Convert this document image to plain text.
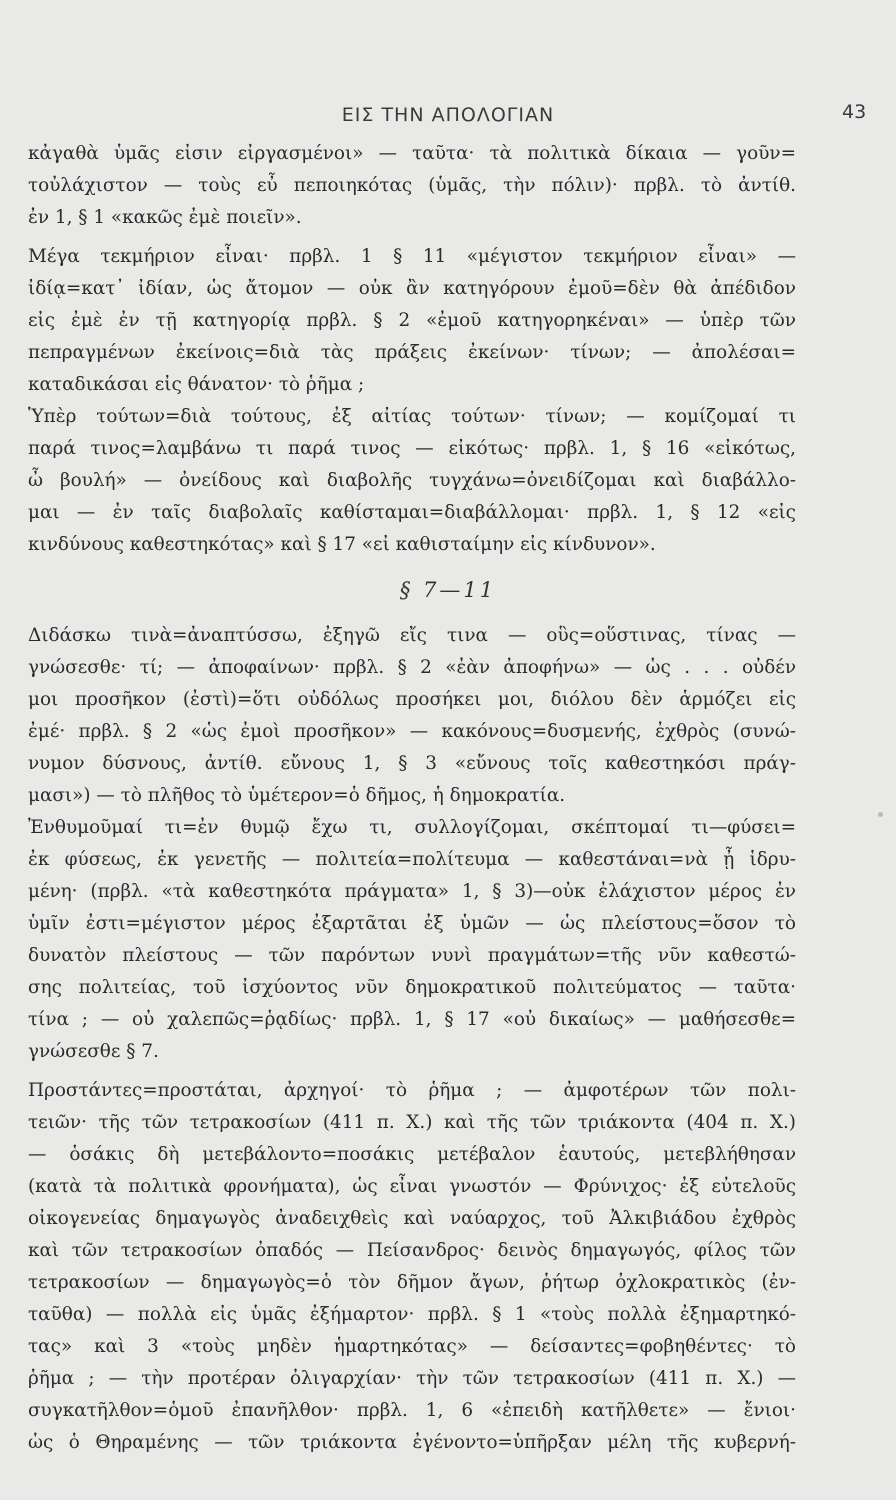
ΕΙΣ ΤΗΝ ΑΠΟΛΟΓΙΑΝ	43
κἀγαθὰ ὑμᾶς εἰσιν εἰργασμένοι» — ταῦτα· τὰ πολιτικὰ δίκαια — γοῦν=
τοὐλάχιστον — τοὺς εὖ πεποιηκότας (ὑμᾶς, τὴν πόλιν)· πρβλ. τὸ ἀντίθ.
ἐν 1, § 1 «κακῶς ἐμὲ ποιεῖν».
Μέγα τεκμήριον εἶναι· πρβλ. 1 § 11 «μέγιστον τεκμήριον εἶναι» —
ἰδίᾳ=κατ᾽ ἰδίαν, ὡς ἄτομον — οὐκ ἂν κατηγόρουν ἐμοῦ=δὲν θὰ ἀπέδιδον
εἰς ἐμὲ ἐν τῇ κατηγορίᾳ πρβλ. § 2 «ἐμοῦ κατηγορηκέναι» — ὑπὲρ τῶν
πεπραγμένων ἐκείνοις=διὰ τὰς πράξεις ἐκείνων· τίνων; — ἀπολέσαι=
καταδικάσαι εἰς θάνατον· τὸ ῥῆμα ;
Ὑπὲρ τούτων=διὰ τούτους, ἐξ αἰτίας τούτων· τίνων; — κομίζομαί τι
παρά τινος=λαμβάνω τι παρά τινος — εἰκότως· πρβλ. 1, § 16 «εἰκότως,
ὦ βουλή» — ὀνείδους καὶ διαβολῆς τυγχάνω=ὀνειδίζομαι καὶ διαβάλλο-
μαι — ἐν ταῖς διαβολαῖς καθίσταμαι=διαβάλλομαι· πρβλ. 1, § 12 «εἰς
κινδύνους καθεστηκότας» καὶ § 17 «εἰ καθισταίμην εἰς κίνδυνον».
§ 7—11
Διδάσκω τινὰ=ἀναπτύσσω, ἐξηγῶ εἴς τινα — οὓς=οὕστινας, τίνας —
γνώσεσθε· τί; — ἀποφαίνων· πρβλ. § 2 «ἐὰν ἀποφήνω» — ὡς . . . οὐδέν
μοι προσῆκον (ἐστὶ)=ὅτι οὐδόλως προσήκει μοι, διόλου δὲν ἁρμόζει εἰς
ἐμέ· πρβλ. § 2 «ὡς ἐμοὶ προσῆκον» — κακόνους=δυσμενής, ἐχθρὸς (συνώ-
νυμον δύσνους, ἀντίθ. εὔνους 1, § 3 «εὔνους τοῖς καθεστηκόσι πράγ-
μασι») — τὸ πλῆθος τὸ ὑμέτερον=ὁ δῆμος, ἡ δημοκρατία.
Ἐνθυμοῦμαί τι=ἐν θυμῷ ἔχω τι, συλλογίζομαι, σκέπτομαί τι—φύσει=
ἐκ φύσεως, ἐκ γενετῆς — πολιτεία=πολίτευμα — καθεστάναι=νὰ ᾖ ἱδρυ-
μένη· (πρβλ. «τὰ καθεστηκότα πράγματα» 1, § 3)—οὐκ ἐλάχιστον μέρος ἐν
ὑμῖν ἐστι=μέγιστον μέρος ἐξαρτᾶται ἐξ ὑμῶν — ὡς πλείστους=ὅσον τὸ
δυνατὸν πλείστους — τῶν παρόντων νυνὶ πραγμάτων=τῆς νῦν καθεστώ-
σης πολιτείας, τοῦ ἰσχύοντος νῦν δημοκρατικοῦ πολιτεύματος — ταῦτα·
τίνα ; — οὐ χαλεπῶς=ῥᾳδίως· πρβλ. 1, § 17 «οὐ δικαίως» — μαθήσεσθε=
γνώσεσθε § 7.
Προστάντες=προστάται, ἀρχηγοί· τὸ ῥῆμα ; — ἀμφοτέρων τῶν πολι-
τειῶν· τῆς τῶν τετρακοσίων (411 π. Χ.) καὶ τῆς τῶν τριάκοντα (404 π. Χ.)
— ὁσάκις δὴ μετεβάλοντο=ποσάκις μετέβαλον ἑαυτούς, μετεβλήθησαν
(κατὰ τὰ πολιτικὰ φρονήματα), ὡς εἶναι γνωστόν — Φρύνιχος· ἐξ εὐτελοῦς
οἰκογενείας δημαγωγὸς ἀναδειχθεὶς καὶ ναύαρχος, τοῦ Ἀλκιβιάδου ἐχθρὸς
καὶ τῶν τετρακοσίων ὀπαδός — Πείσανδρος· δεινὸς δημαγωγός, φίλος τῶν
τετρακοσίων — δημαγωγὸς=ὁ τὸν δῆμον ἄγων, ῥήτωρ ὀχλοκρατικὸς (ἐν-
ταῦθα) — πολλὰ εἰς ὑμᾶς ἐξήμαρτον· πρβλ. § 1 «τοὺς πολλὰ ἐξημαρτηκό-
τας» καὶ 3 «τοὺς μηδὲν ἡμαρτηκότας» — δείσαντες=φοβηθέντες· τὸ
ῥῆμα ; — τὴν προτέραν ὀλιγαρχίαν· τὴν τῶν τετρακοσίων (411 π. Χ.) —
συγκατῆλθον=ὁμοῦ ἐπανῆλθον· πρβλ. 1, 6 «ἐπειδὴ κατῆλθετε» — ἔνιοι·
ὡς ὁ Θηραμένης — τῶν τριάκοντα ἐγένοντο=ὑπῆρξαν μέλη τῆς κυβερνή-
